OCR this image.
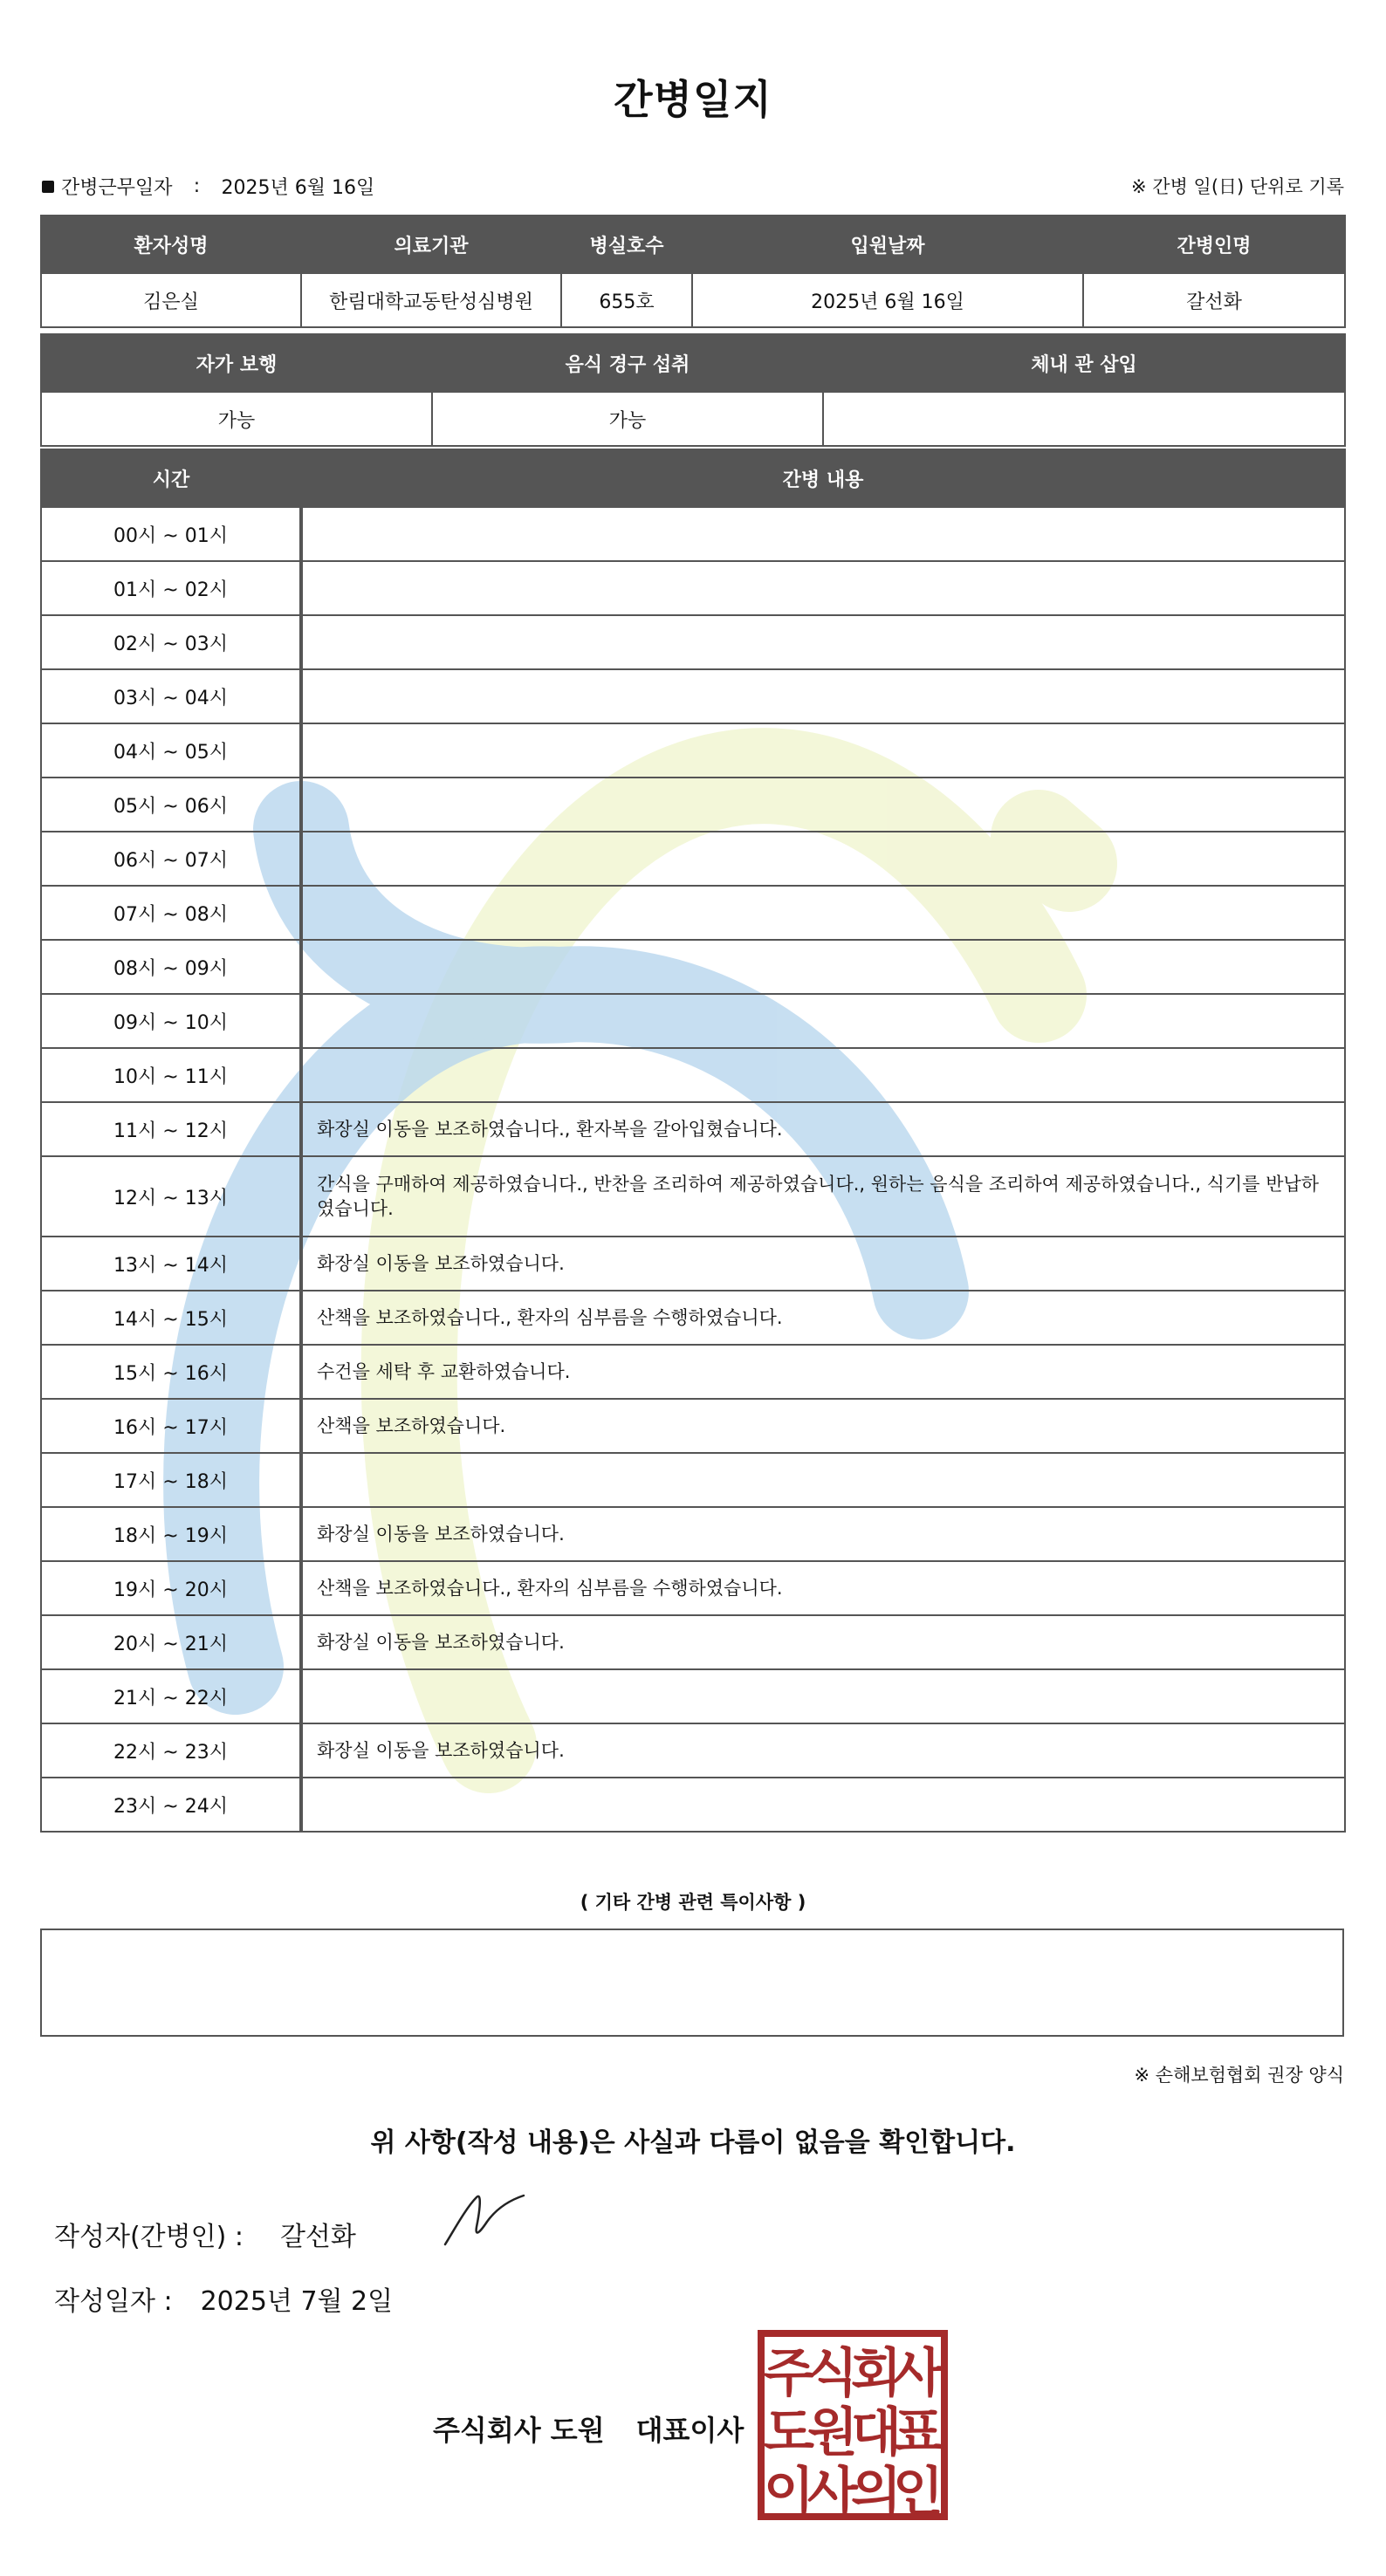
간병일지
간병근무일자	:	2025년 6월 16일	※ 간병 일(日) 단위로 기록
환자성명	의료기관	병실호수	입원날짜	간병인명
김은실	한림대학교동탄성심병원	655호	2025년 6월 16일	갈선화
자가 보행	음식 경구 섭취	체내 관 삽입
가능	가능	
시간	간병 내용
00시 ~ 01시	
01시 ~ 02시	
02시 ~ 03시	
03시 ~ 04시	
04시 ~ 05시	
05시 ~ 06시	
06시 ~ 07시	
07시 ~ 08시	
08시 ~ 09시	
09시 ~ 10시	
10시 ~ 11시	
11시 ~ 12시	화장실 이동을 보조하였습니다., 환자복을 갈아입혔습니다.
12시 ~ 13시	간식을 구매하여 제공하였습니다., 반찬을 조리하여 제공하였습니다., 원하는 음식을 조리하여 제공하였습니다., 식기를 반납하였습니다.
13시 ~ 14시	화장실 이동을 보조하였습니다.
14시 ~ 15시	산책을 보조하였습니다., 환자의 심부름을 수행하였습니다.
15시 ~ 16시	수건을 세탁 후 교환하였습니다.
16시 ~ 17시	산책을 보조하였습니다.
17시 ~ 18시	
18시 ~ 19시	화장실 이동을 보조하였습니다.
19시 ~ 20시	산책을 보조하였습니다., 환자의 심부름을 수행하였습니다.
20시 ~ 21시	화장실 이동을 보조하였습니다.
21시 ~ 22시	
22시 ~ 23시	화장실 이동을 보조하였습니다.
23시 ~ 24시	
( 기타 간병 관련 특이사항 )
※ 손해보험협회 권장 양식
위 사항(작성 내용)은 사실과 다름이 없음을 확인합니다.
작성자(간병인) : 갈선화
작성일자 : 2025년 7월 2일
주식회사 도원 대표이사
주
식
회
사
도
원
대
표
이
사
의
인
